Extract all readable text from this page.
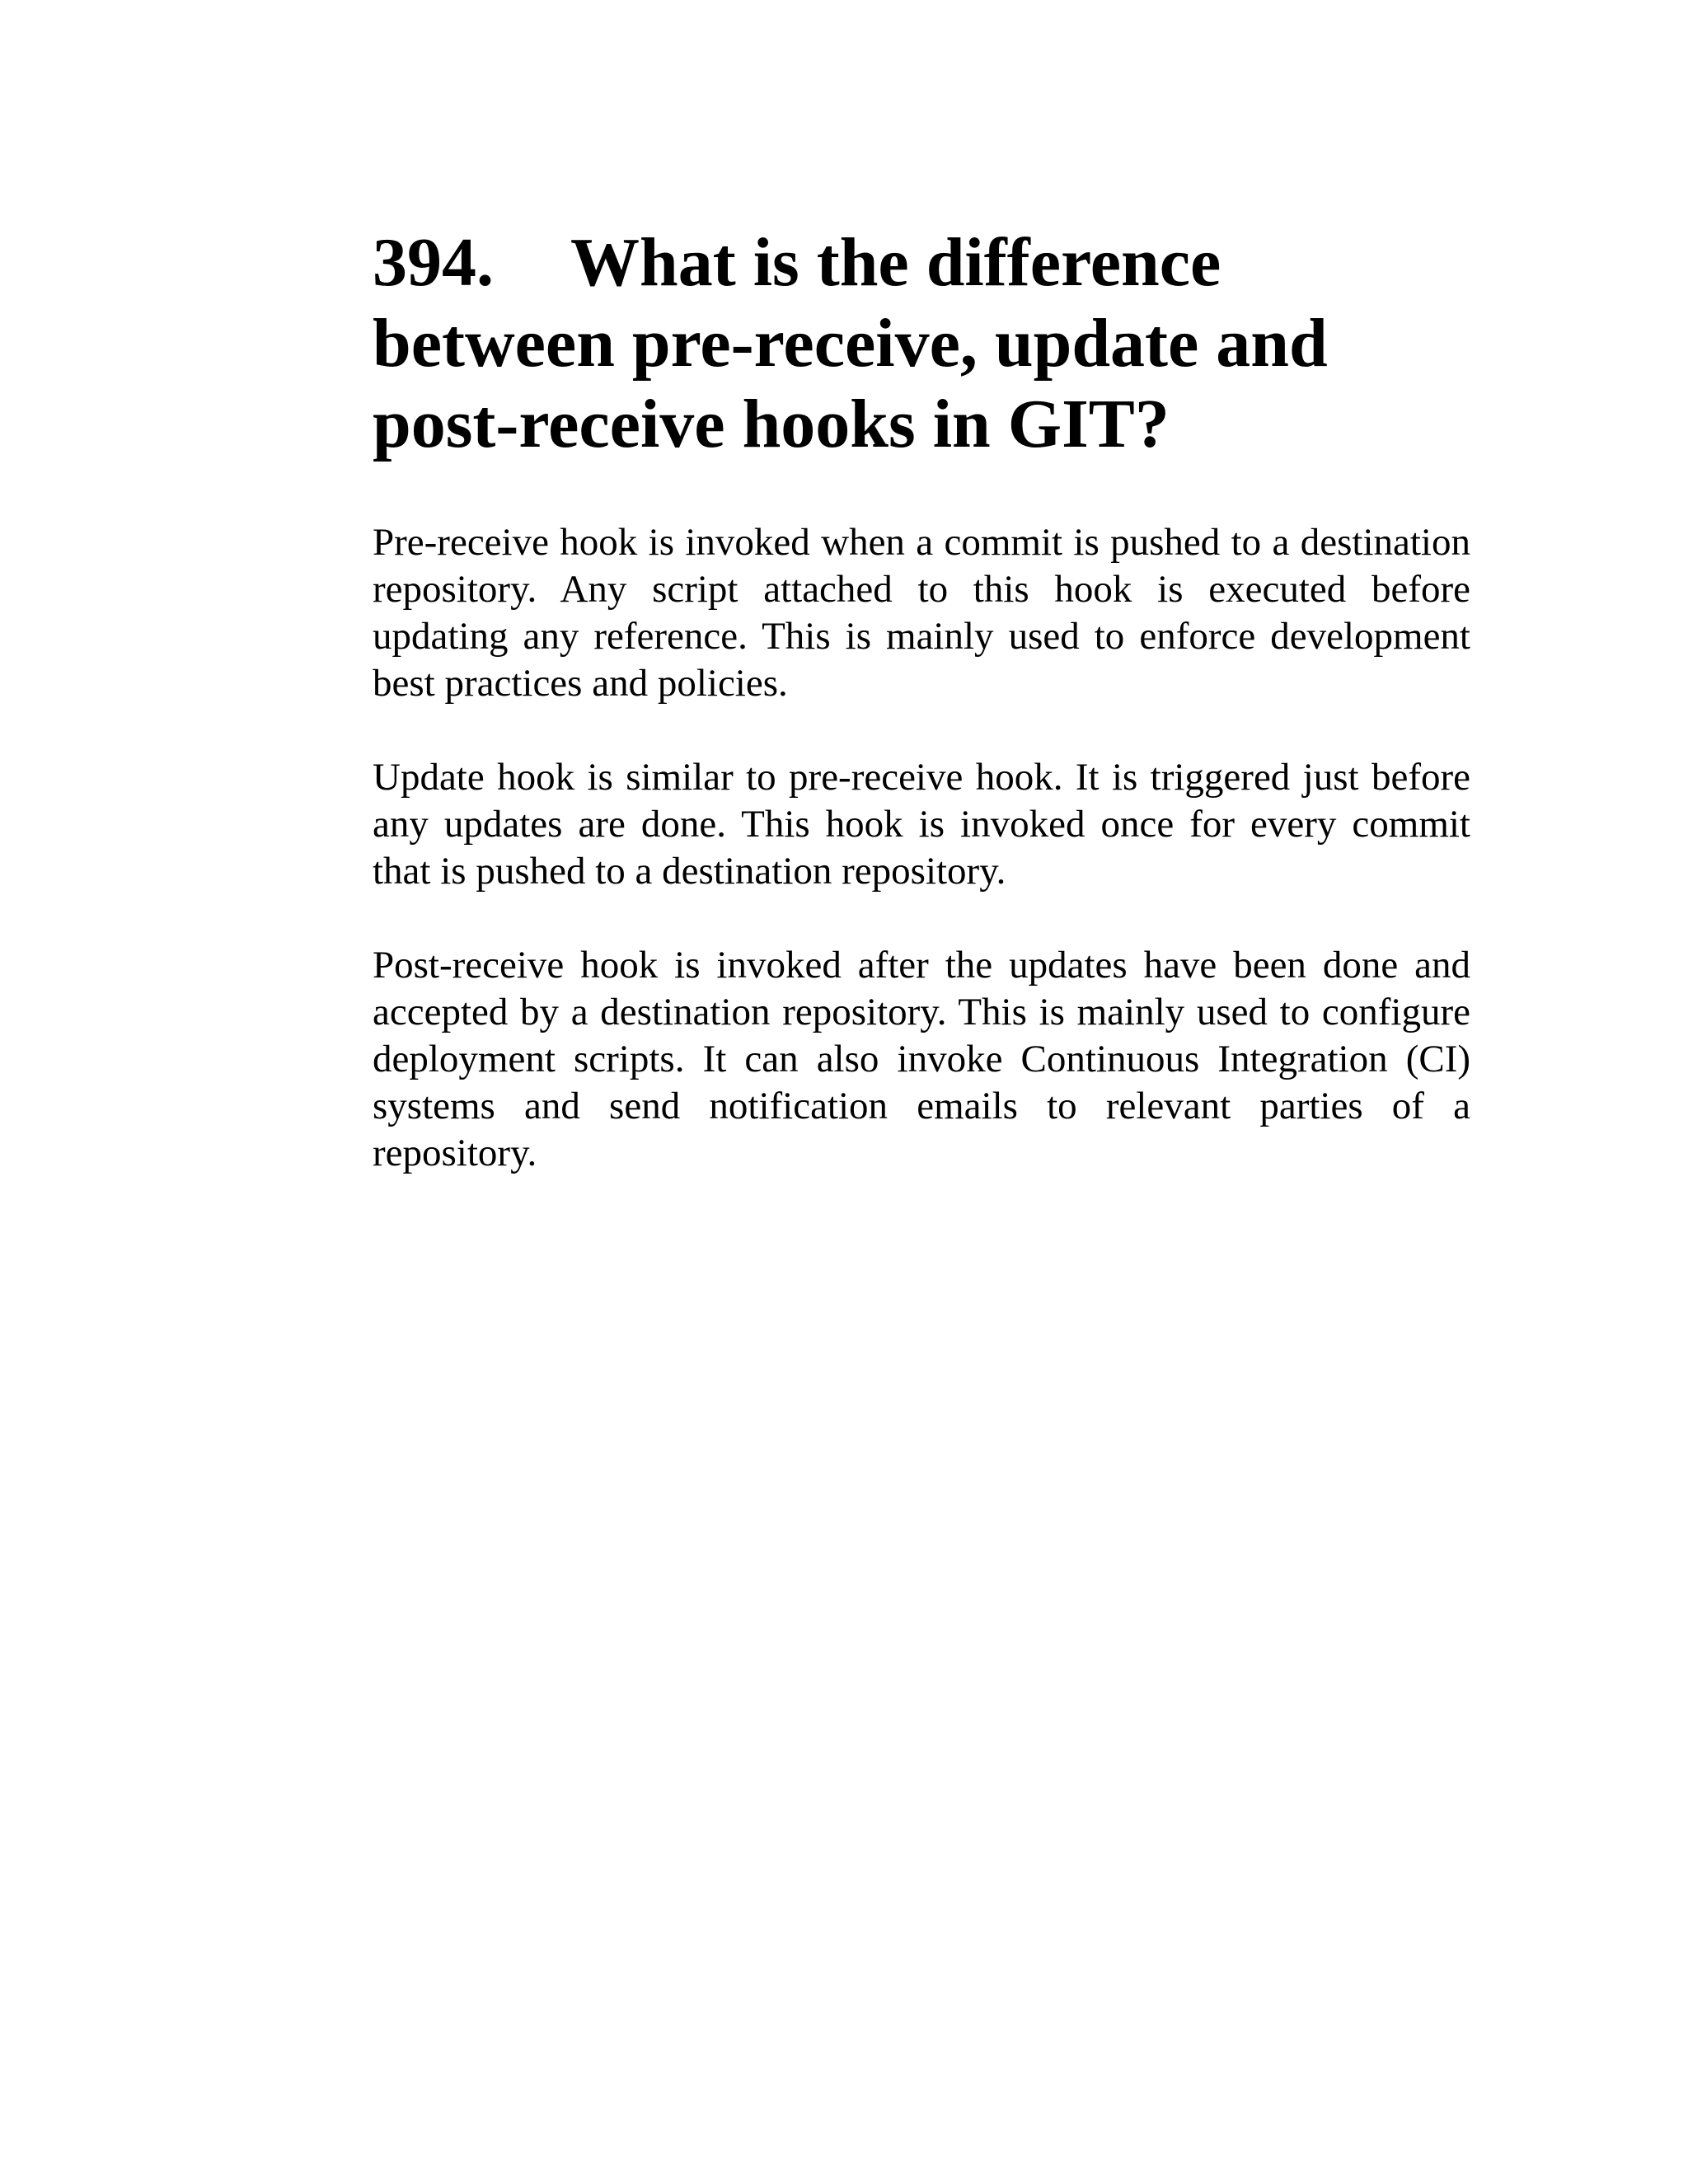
394. What is the difference between pre-receive, update and post-receive hooks in GIT?

Pre-receive hook is invoked when a commit is pushed to a destination repository. Any script attached to this hook is executed before updating any reference. This is mainly used to enforce development best practices and policies.

Update hook is similar to pre-receive hook. It is triggered just before any updates are done. This hook is invoked once for every commit that is pushed to a destination repository.

Post-receive hook is invoked after the updates have been done and accepted by a destination repository. This is mainly used to configure deployment scripts. It can also invoke Continuous Integration (CI) systems and send notification emails to relevant parties of a repository.
